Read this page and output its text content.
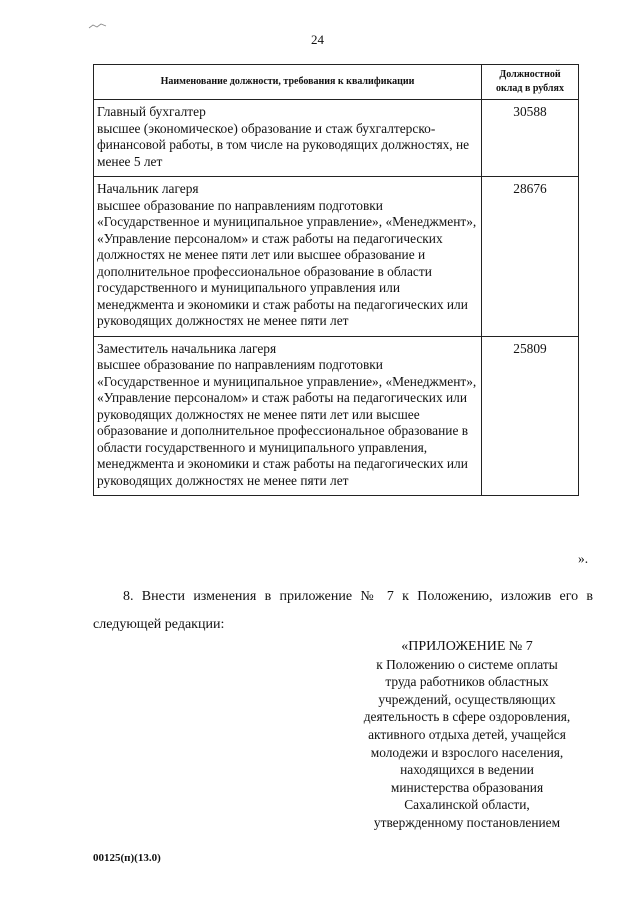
24
Наименование должности, требования к квалификации	Должностной оклад в рублях

Главный бухгалтер
высшее (экономическое) образование и стаж бухгалтерско-финансовой работы, в том числе на руководящих должностях, не менее 5 лет	30588

Начальник лагеря
высшее образование по направлениям подготовки «Государственное и муниципальное управление», «Менеджмент», «Управление персоналом» и стаж работы на педагогических должностях не менее пяти лет или высшее образование и дополнительное профессиональное образование в области государственного и муниципального управления или менеджмента и экономики и стаж работы на педагогических или руководящих должностях не менее пяти лет	28676

Заместитель начальника лагеря
высшее образование по направлениям подготовки «Государственное и муниципальное управление», «Менеджмент», «Управление персоналом» и стаж работы на педагогических или руководящих должностях не менее пяти лет или высшее образование и дополнительное профессиональное образование в области государственного и муниципального управления, менеджмента и экономики и стаж работы на педагогических или руководящих должностях не менее пяти лет	25809
».
8. Внести изменения в приложение № 7 к Положению, изложив его в следующей редакции:
«ПРИЛОЖЕНИЕ № 7
к Положению о системе оплаты
труда работников областных
учреждений, осуществляющих
деятельность в сфере оздоровления,
активного отдыха детей, учащейся
молодежи и взрослого населения,
находящихся в ведении
министерства образования
Сахалинской области,
утвержденному постановлением
00125(п)(13.0)
